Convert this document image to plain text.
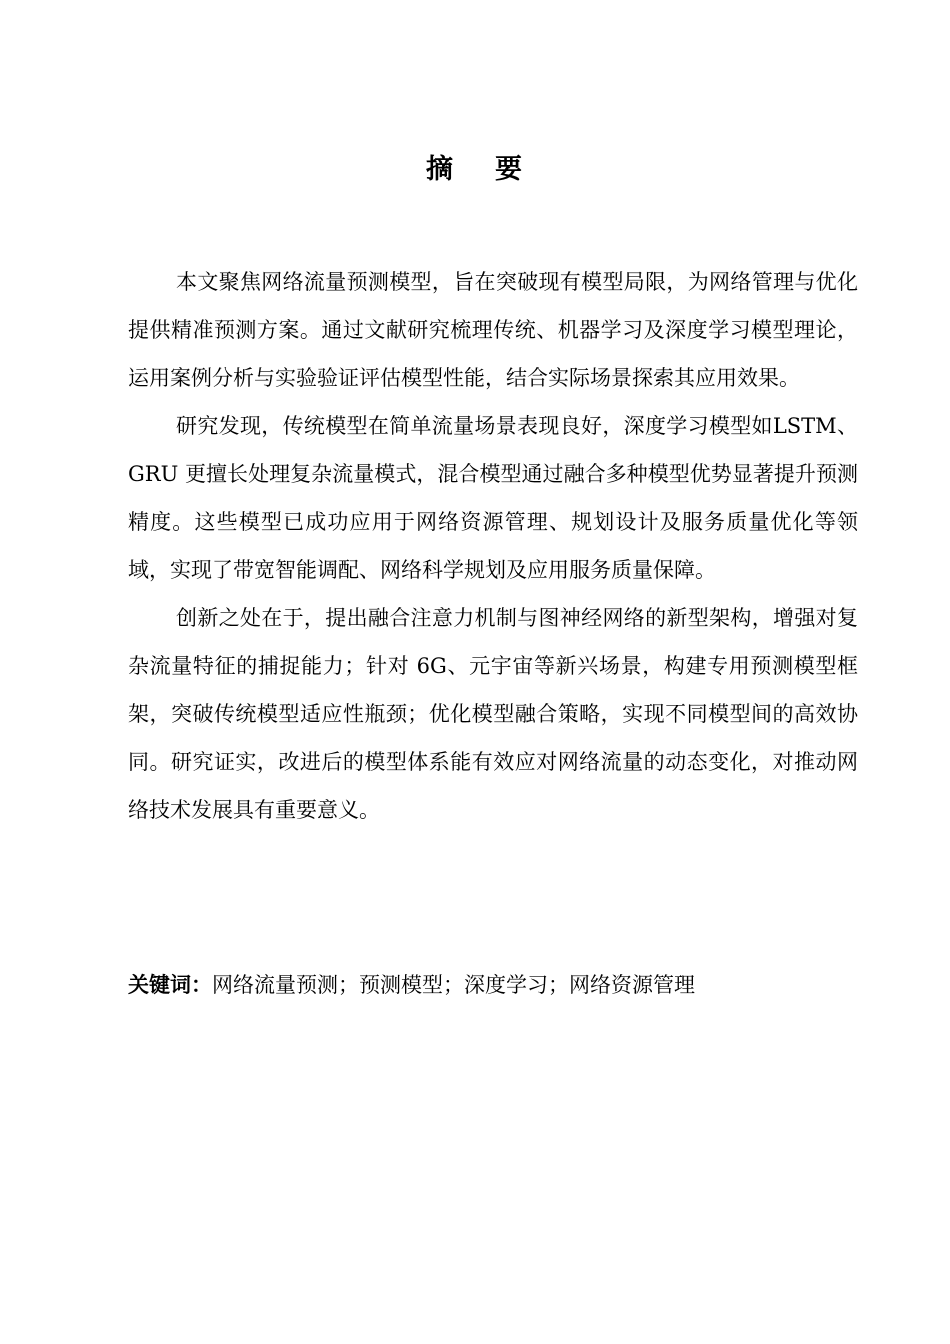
摘 要

本文聚焦网络流量预测模型，旨在突破现有模型局限，为网络管理与优化提供精准预测方案。通过文献研究梳理传统、机器学习及深度学习模型理论，运用案例分析与实验验证评估模型性能，结合实际场景探索其应用效果。

研究发现，传统模型在简单流量场景表现良好，深度学习模型如LSTM、GRU 更擅长处理复杂流量模式，混合模型通过融合多种模型优势显著提升预测精度。这些模型已成功应用于网络资源管理、规划设计及服务质量优化等领域，实现了带宽智能调配、网络科学规划及应用服务质量保障。

创新之处在于，提出融合注意力机制与图神经网络的新型架构，增强对复杂流量特征的捕捉能力；针对 6G、元宇宙等新兴场景，构建专用预测模型框架，突破传统模型适应性瓶颈；优化模型融合策略，实现不同模型间的高效协同。研究证实，改进后的模型体系能有效应对网络流量的动态变化，对推动网络技术发展具有重要意义。

关键词：网络流量预测；预测模型；深度学习；网络资源管理
